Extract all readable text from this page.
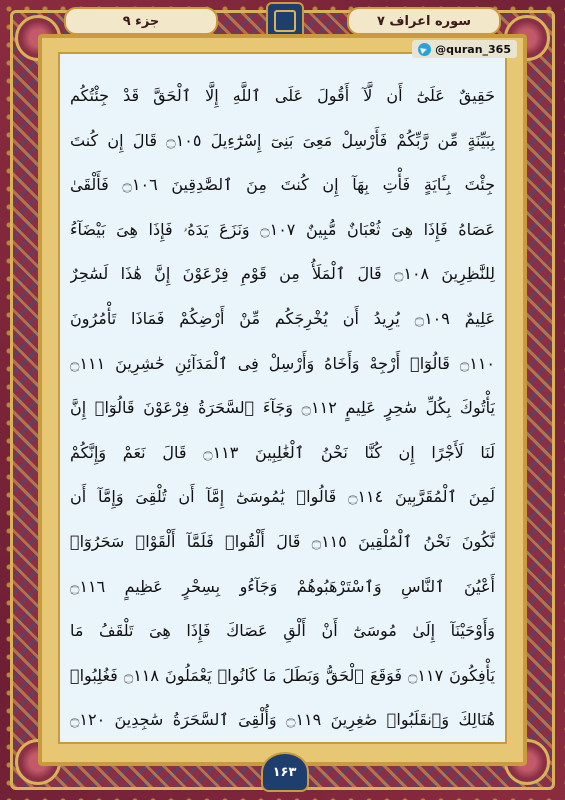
جزء ۹	سوره اعراف ۷
حَقِيقٌ عَلَىٰٓ أَن لَّآ أَقُولَ عَلَى ٱللَّهِ إِلَّا ٱلْحَقَّ قَدْ جِئْتُكُم
بِبَيِّنَةٍ مِّن رَّبِّكُمْ فَأَرْسِلْ مَعِىَ بَنِىٓ إِسْرَٰٓءِيلَ ۝١٠٥ قَالَ إِن كُنتَ
جِئْتَ بِـَٔايَةٍ فَأْتِ بِهَآ إِن كُنتَ مِنَ ٱلصَّٰدِقِينَ ۝١٠٦ فَأَلْقَىٰ
عَصَاهُ فَإِذَا هِىَ ثُعْبَانٌ مُّبِينٌ ۝١٠٧ وَنَزَعَ يَدَهُۥ فَإِذَا هِىَ بَيْضَآءُ
لِلنَّٰظِرِينَ ۝١٠٨ قَالَ ٱلْمَلَأُ مِن قَوْمِ فِرْعَوْنَ إِنَّ هَٰذَا لَسَٰحِرٌ
عَلِيمٌ ۝١٠٩ يُرِيدُ أَن يُخْرِجَكُم مِّنْ أَرْضِكُمْ فَمَاذَا تَأْمُرُونَ
۝١١٠ قَالُوٓا۟ أَرْجِهْ وَأَخَاهُ وَأَرْسِلْ فِى ٱلْمَدَآئِنِ حَٰشِرِينَ ۝١١١
يَأْتُوكَ بِكُلِّ سَٰحِرٍ عَلِيمٍ ۝١١٢ وَجَآءَ ٱلسَّحَرَةُ فِرْعَوْنَ قَالُوٓا۟ إِنَّ
لَنَا لَأَجْرًا إِن كُنَّا نَحْنُ ٱلْغَٰلِبِينَ ۝١١٣ قَالَ نَعَمْ وَإِنَّكُمْ
لَمِنَ ٱلْمُقَرَّبِينَ ۝١١٤ قَالُوا۟ يَٰمُوسَىٰٓ إِمَّآ أَن تُلْقِىَ وَإِمَّآ أَن
نَّكُونَ نَحْنُ ٱلْمُلْقِينَ ۝١١٥ قَالَ أَلْقُوا۟ فَلَمَّآ أَلْقَوْا۟ سَحَرُوٓا۟
أَعْيُنَ ٱلنَّاسِ وَٱسْتَرْهَبُوهُمْ وَجَآءُو بِسِحْرٍ عَظِيمٍ ۝١١٦
وَأَوْحَيْنَآ إِلَىٰ مُوسَىٰٓ أَنْ أَلْقِ عَصَاكَ فَإِذَا هِىَ تَلْقَفُ مَا
يَأْفِكُونَ ۝١١٧ فَوَقَعَ ٱلْحَقُّ وَبَطَلَ مَا كَانُوا۟ يَعْمَلُونَ ۝١١٨ فَغُلِبُوا۟
هُنَالِكَ وَٱنقَلَبُوا۟ صَٰغِرِينَ ۝١١٩ وَأُلْقِىَ ٱلسَّحَرَةُ سَٰجِدِينَ ۝١٢٠
@quran_365
۱۶۳
